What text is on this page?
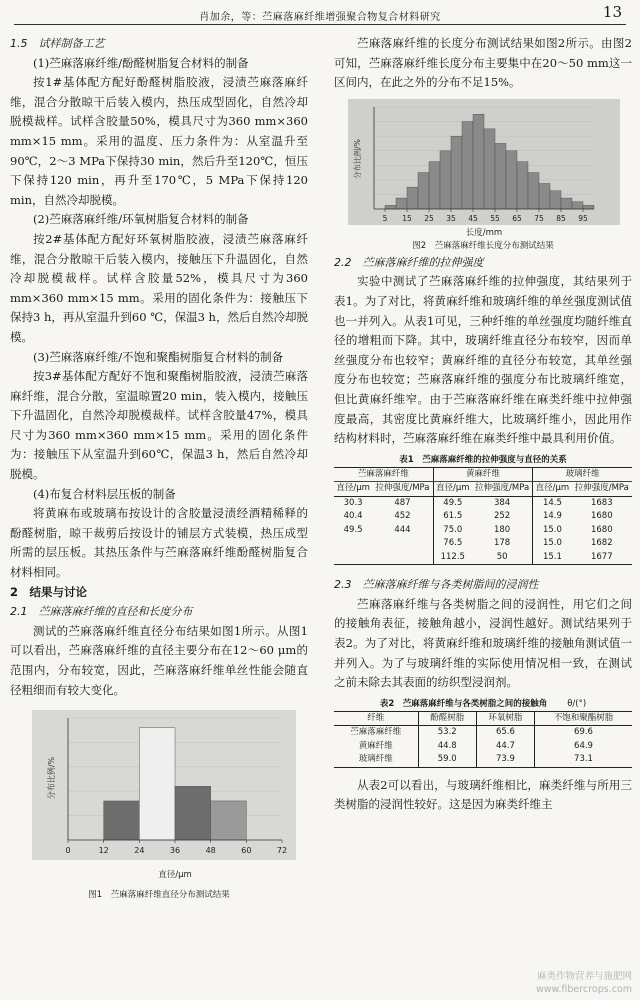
肖加余，等：苎麻落麻纤维增强聚合物复合材料研究	13
1.5　试样制备工艺

(1)苎麻落麻纤维/酚醛树脂复合材料的制备

按1#基体配方配好酚醛树脂胶液，浸渍苎麻落麻纤维，混合分散晾干后装入模内，热压成型固化，自然冷却脱模裁样。试样含胶量50%，模具尺寸为360 mm×360 mm×15 mm。采用的温度、压力条件为：从室温升至90℃，2～3 MPa下保持30 min，然后升至120℃，恒压下保持120 min，再升至170℃，5 MPa下保持120 min，自然冷却脱模。

(2)苎麻落麻纤维/环氧树脂复合材料的制备

按2#基体配方配好环氧树脂胶液，浸渍苎麻落麻纤维，混合分散晾干后装入模内，接触压下升温固化，自然冷却脱模裁样。试样含胶量52%，模具尺寸为360 mm×360 mm×15 mm。采用的固化条件为：接触压下保持3 h，再从室温升到60 ℃，保温3 h，然后自然冷却脱模。

(3)苎麻落麻纤维/不饱和聚酯树脂复合材料的制备

按3#基体配方配好不饱和聚酯树脂胶液，浸渍苎麻落麻纤维，混合分散，室温晾置20 min，装入模内，接触压下升温固化，自然冷却脱模裁样。试样含胶量47%，模具尺寸为360 mm×360 mm×15 mm。采用的固化条件为：接触压下从室温升到60℃，保温3 h，然后自然冷却脱模。

(4)布复合材料层压板的制备

将黄麻布或玻璃布按设计的含胶量浸渍经酒精稀释的酚醛树脂，晾干裁剪后按设计的铺层方式装模，热压成型所需的层压板。其热压条件与苎麻落麻纤维酚醛树脂复合材料相同。

2　结果与讨论
2.1　苎麻落麻纤维的直径和长度分布

测试的苎麻落麻纤维直径分布结果如图1所示。从图1可以看出，苎麻落麻纤维的直径主要分布在12～60 μm的范围内，分布较宽，因此，苎麻落麻纤维单丝性能会随直径粗细而有较大变化。

0	12	24	36	48	60	72
分布比例/%
直径/μm
图1　苎麻落麻纤维直径分布测试结果

苎麻落麻纤维的长度分布测试结果如图2所示。由图2可知，苎麻落麻纤维长度分布主要集中在20～50 mm这一区间内，在此之外的分布不足15%。

5 15 25 35 45 55 65 75 85 95
分布比例/%
长度/mm
图2　苎麻落麻纤维长度分布测试结果
2.2　苎麻落麻纤维的拉伸强度

实验中测试了苎麻落麻纤维的拉伸强度，其结果列于表1。为了对比，将黄麻纤维和玻璃纤维的单丝强度测试值也一并列入。从表1可见，三种纤维的单丝强度均随纤维直径的增粗而下降。其中，玻璃纤维直径分布较窄，因而单丝强度分布也较窄；黄麻纤维的直径分布较宽，其单丝强度分布也较宽；苎麻落麻纤维的强度分布比玻璃纤维宽，但比黄麻纤维窄。由于苎麻落麻纤维在麻类纤维中拉伸强度最高，其密度比黄麻纤维大，比玻璃纤维小，因此用作结构材料时，苎麻落麻纤维在麻类纤维中最具利用价值。

表1　苎麻落麻纤维的拉伸强度与直径的关系
苎麻落麻纤维		黄麻纤维		玻璃纤维	
直径/μm	拉伸强度/MPa	直径/μm	拉伸强度/MPa	直径/μm	拉伸强度/MPa
30.3	487	49.5	384	14.5	1683
40.4	452	61.5	252	14.9	1680
49.5	444	75.0	180	15.0	1680
		76.5	178	15.0	1682
		112.5	50	15.1	1677
2.3　苎麻落麻纤维与各类树脂间的浸润性

苎麻落麻纤维与各类树脂之间的浸润性，用它们之间的接触角表征，接触角越小，浸润性越好。测试结果列于表2。为了对比，将黄麻纤维和玻璃纤维的接触角测试值一并列入。为了与玻璃纤维的实际使用情况相一致，在测试之前未除去其表面的纺织型浸润剂。

表2　苎麻落麻纤维与各类树脂之间的接触角 θ/(°)
纤维	酚醛树脂	环氧树脂	不饱和聚酯树脂
苎麻落麻纤维	53.2	65.6	69.6
黄麻纤维	44.8	44.7	64.9
玻璃纤维	59.0	73.9	73.1

从表2可以看出，与玻璃纤维相比，麻类纤维与所用三类树脂的浸润性较好。这是因为麻类纤维主

麻类作物营养与施肥网
www.fibercrops.com
